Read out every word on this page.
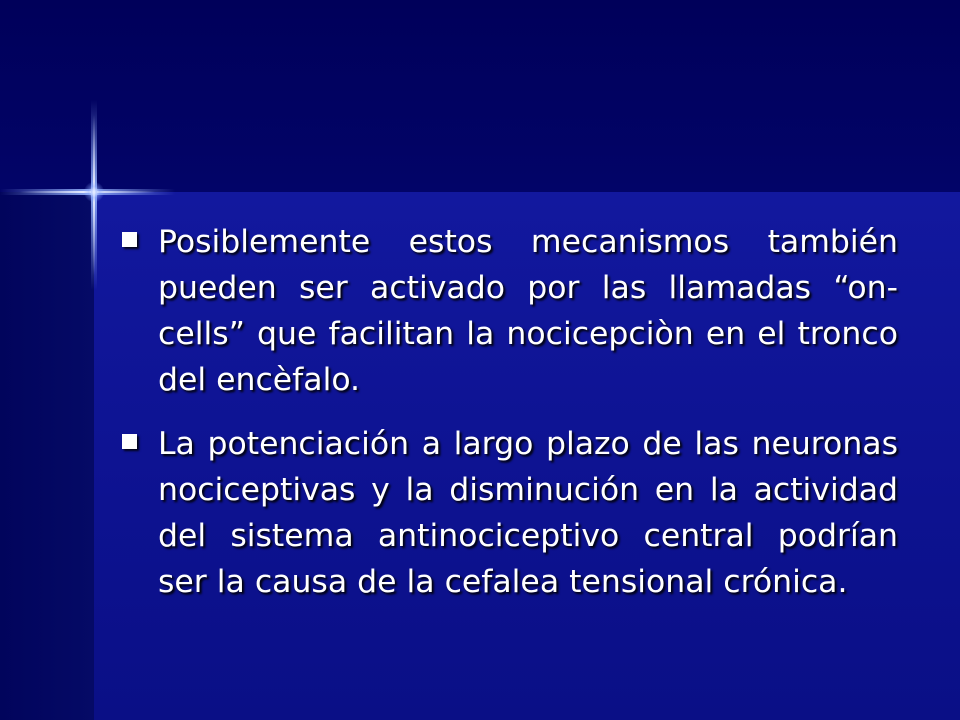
Posiblemente estos mecanismos también pueden ser activado por las llamadas “on-cells” que facilitan la nocicepciòn en el tronco del encèfalo.
La potenciación a largo plazo de las neuronas nociceptivas y la disminución en la actividad del sistema antinociceptivo central podrían ser la causa de la cefalea tensional crónica.
